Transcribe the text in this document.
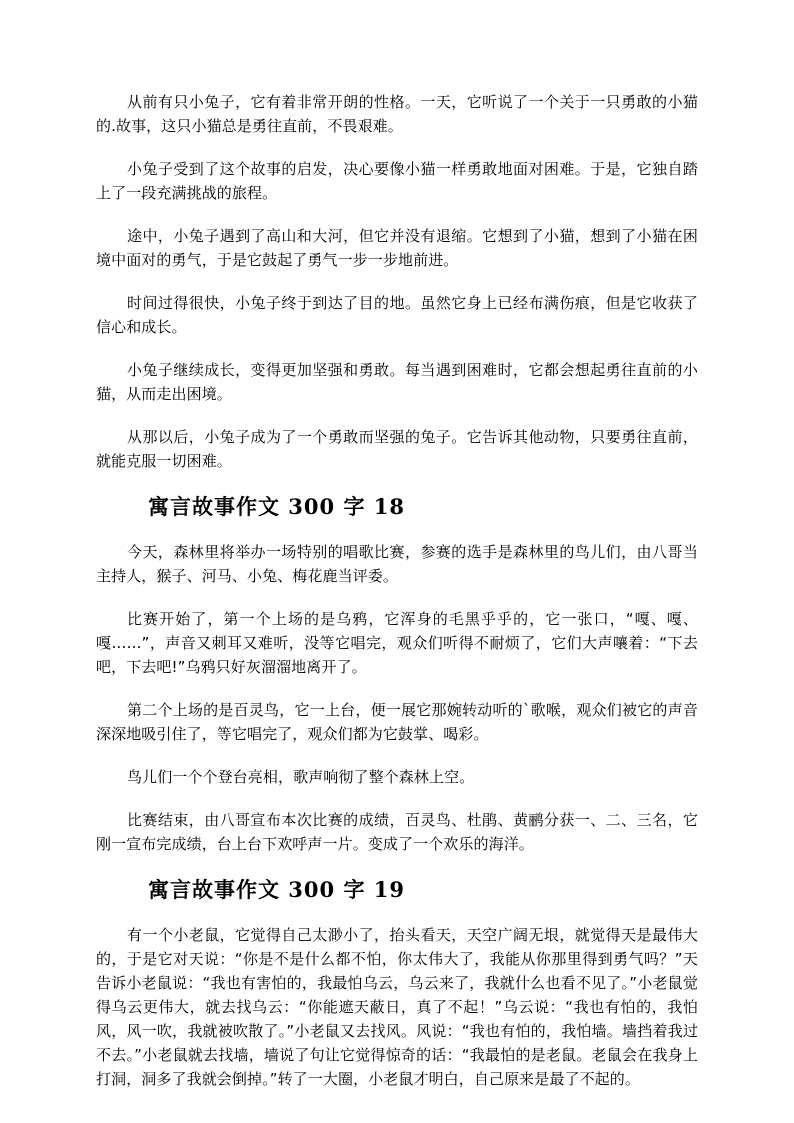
从前有只小兔子，它有着非常开朗的性格。一天，它听说了一个关于一只勇敢的小猫的.故事，这只小猫总是勇往直前，不畏艰难。

小兔子受到了这个故事的启发，决心要像小猫一样勇敢地面对困难。于是，它独自踏上了一段充满挑战的旅程。

途中，小兔子遇到了高山和大河，但它并没有退缩。它想到了小猫，想到了小猫在困境中面对的勇气，于是它鼓起了勇气一步一步地前进。

时间过得很快，小兔子终于到达了目的地。虽然它身上已经布满伤痕，但是它收获了信心和成长。

小兔子继续成长，变得更加坚强和勇敢。每当遇到困难时，它都会想起勇往直前的小猫，从而走出困境。

从那以后，小兔子成为了一个勇敢而坚强的兔子。它告诉其他动物，只要勇往直前，就能克服一切困难。

寓言故事作文 300 字 18

今天，森林里将举办一场特别的唱歌比赛，参赛的选手是森林里的鸟儿们，由八哥当主持人，猴子、河马、小兔、梅花鹿当评委。

比赛开始了，第一个上场的是乌鸦，它浑身的毛黑乎乎的，它一张口，“嘎、嘎、嘎……”，声音又刺耳又难听，没等它唱完，观众们听得不耐烦了，它们大声嚷着：“下去吧，下去吧!”乌鸦只好灰溜溜地离开了。

第二个上场的是百灵鸟，它一上台，便一展它那婉转动听的`歌喉，观众们被它的声音深深地吸引住了，等它唱完了，观众们都为它鼓掌、喝彩。

鸟儿们一个个登台亮相，歌声响彻了整个森林上空。

比赛结束，由八哥宣布本次比赛的成绩，百灵鸟、杜鹃、黄鹂分获一、二、三名，它刚一宣布完成绩，台上台下欢呼声一片。变成了一个欢乐的海洋。

寓言故事作文 300 字 19

有一个小老鼠，它觉得自己太渺小了，抬头看天，天空广阔无垠，就觉得天是最伟大的，于是它对天说：“你是不是什么都不怕，你太伟大了，我能从你那里得到勇气吗？”天告诉小老鼠说：“我也有害怕的，我最怕乌云，乌云来了，我就什么也看不见了。”小老鼠觉得乌云更伟大，就去找乌云：“你能遮天蔽日，真了不起！”乌云说：“我也有怕的，我怕风，风一吹，我就被吹散了。”小老鼠又去找风。风说：“我也有怕的，我怕墙。墙挡着我过不去。”小老鼠就去找墙，墙说了句让它觉得惊奇的话：“我最怕的是老鼠。老鼠会在我身上打洞，洞多了我就会倒掉。”转了一大圈，小老鼠才明白，自己原来是最了不起的。
